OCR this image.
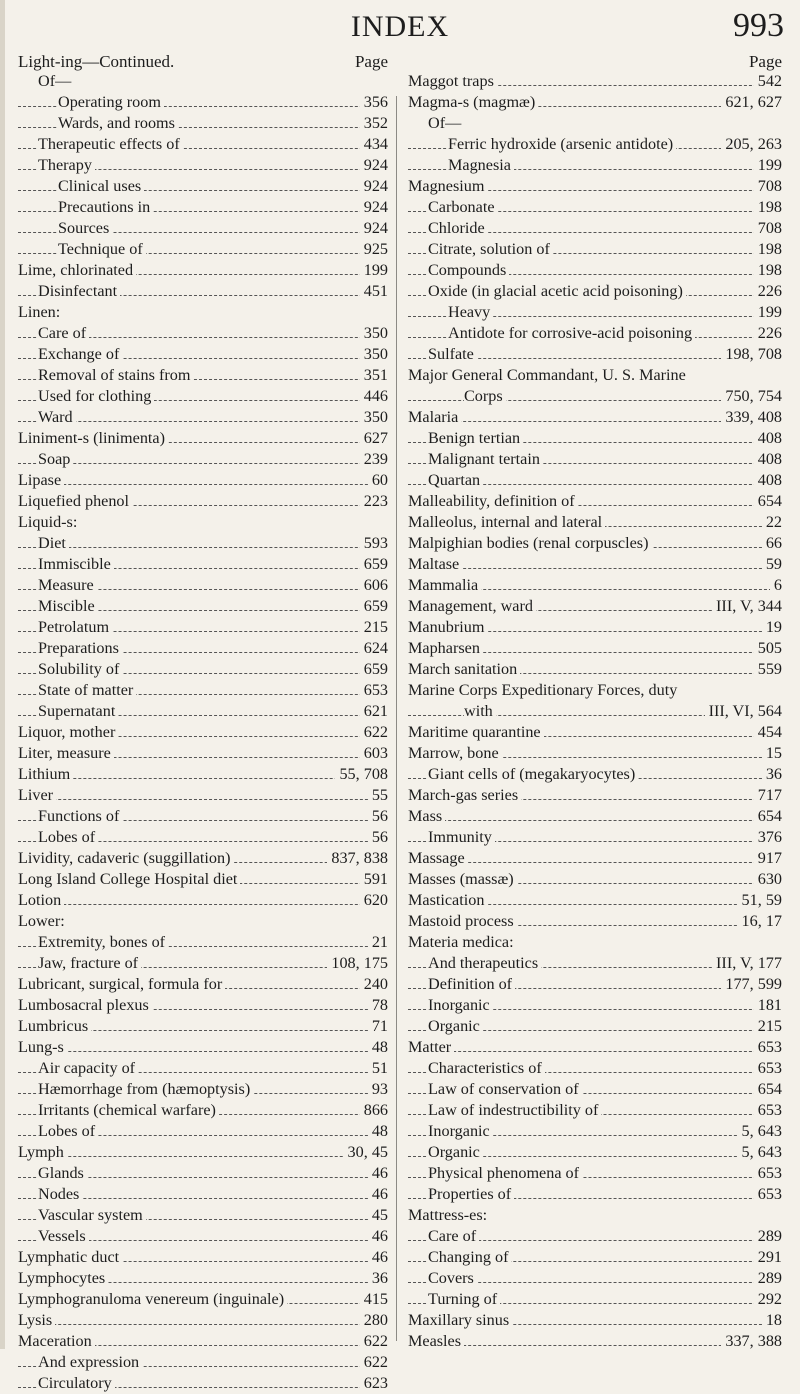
INDEX	993
Light-ing—Continued.	Page	Page
Of—
Operating room	356
Wards, and rooms	352
Therapeutic effects of	434
Therapy	924
Clinical uses	924
Precautions in	924
Sources	924
Technique of	925
Lime, chlorinated	199
Disinfectant	451
Linen:
Care of	350
Exchange of	350
Removal of stains from	351
Used for clothing	446
Ward	350
Liniment-s (linimenta)	627
Soap	239
Lipase	60
Liquefied phenol	223
Liquid-s:
Diet	593
Immiscible	659
Measure	606
Miscible	659
Petrolatum	215
Preparations	624
Solubility of	659
State of matter	653
Supernatant	621
Liquor, mother	622
Liter, measure	603
Lithium	55, 708
Liver	55
Functions of	56
Lobes of	56
Lividity, cadaveric (suggillation)	837, 838
Long Island College Hospital diet	591
Lotion	620
Lower:
Extremity, bones of	21
Jaw, fracture of	108, 175
Lubricant, surgical, formula for	240
Lumbosacral plexus	78
Lumbricus	71
Lung-s	48
Air capacity of	51
Hæmorrhage from (hæmoptysis)	93
Irritants (chemical warfare)	866
Lobes of	48
Lymph	30, 45
Glands	46
Nodes	46
Vascular system	45
Vessels	46
Lymphatic duct	46
Lymphocytes	36
Lymphogranuloma venereum (inguinale)	415
Lysis	280
Maceration	622
And expression	622
Circulatory	623
Maggot traps	542
Magma-s (magmæ)	621, 627
Of—
Ferric hydroxide (arsenic antidote)	205, 263
Magnesia	199
Magnesium	708
Carbonate	198
Chloride	708
Citrate, solution of	198
Compounds	198
Oxide (in glacial acetic acid poisoning)	226
Heavy	199
Antidote for corrosive-acid poisoning	226
Sulfate	198, 708
Major General Commandant, U. S. Marine
Corps	750, 754
Malaria	339, 408
Benign tertian	408
Malignant tertain	408
Quartan	408
Malleability, definition of	654
Malleolus, internal and lateral	22
Malpighian bodies (renal corpuscles)	66
Maltase	59
Mammalia	6
Management, ward	III, V, 344
Manubrium	19
Mapharsen	505
March sanitation	559
Marine Corps Expeditionary Forces, duty
with	III, VI, 564
Maritime quarantine	454
Marrow, bone	15
Giant cells of (megakaryocytes)	36
March-gas series	717
Mass	654
Immunity	376
Massage	917
Masses (massæ)	630
Mastication	51, 59
Mastoid process	16, 17
Materia medica:
And therapeutics	III, V, 177
Definition of	177, 599
Inorganic	181
Organic	215
Matter	653
Characteristics of	653
Law of conservation of	654
Law of indestructibility of	653
Inorganic	5, 643
Organic	5, 643
Physical phenomena of	653
Properties of	653
Mattress-es:
Care of	289
Changing of	291
Covers	289
Turning of	292
Maxillary sinus	18
Measles	337, 388
